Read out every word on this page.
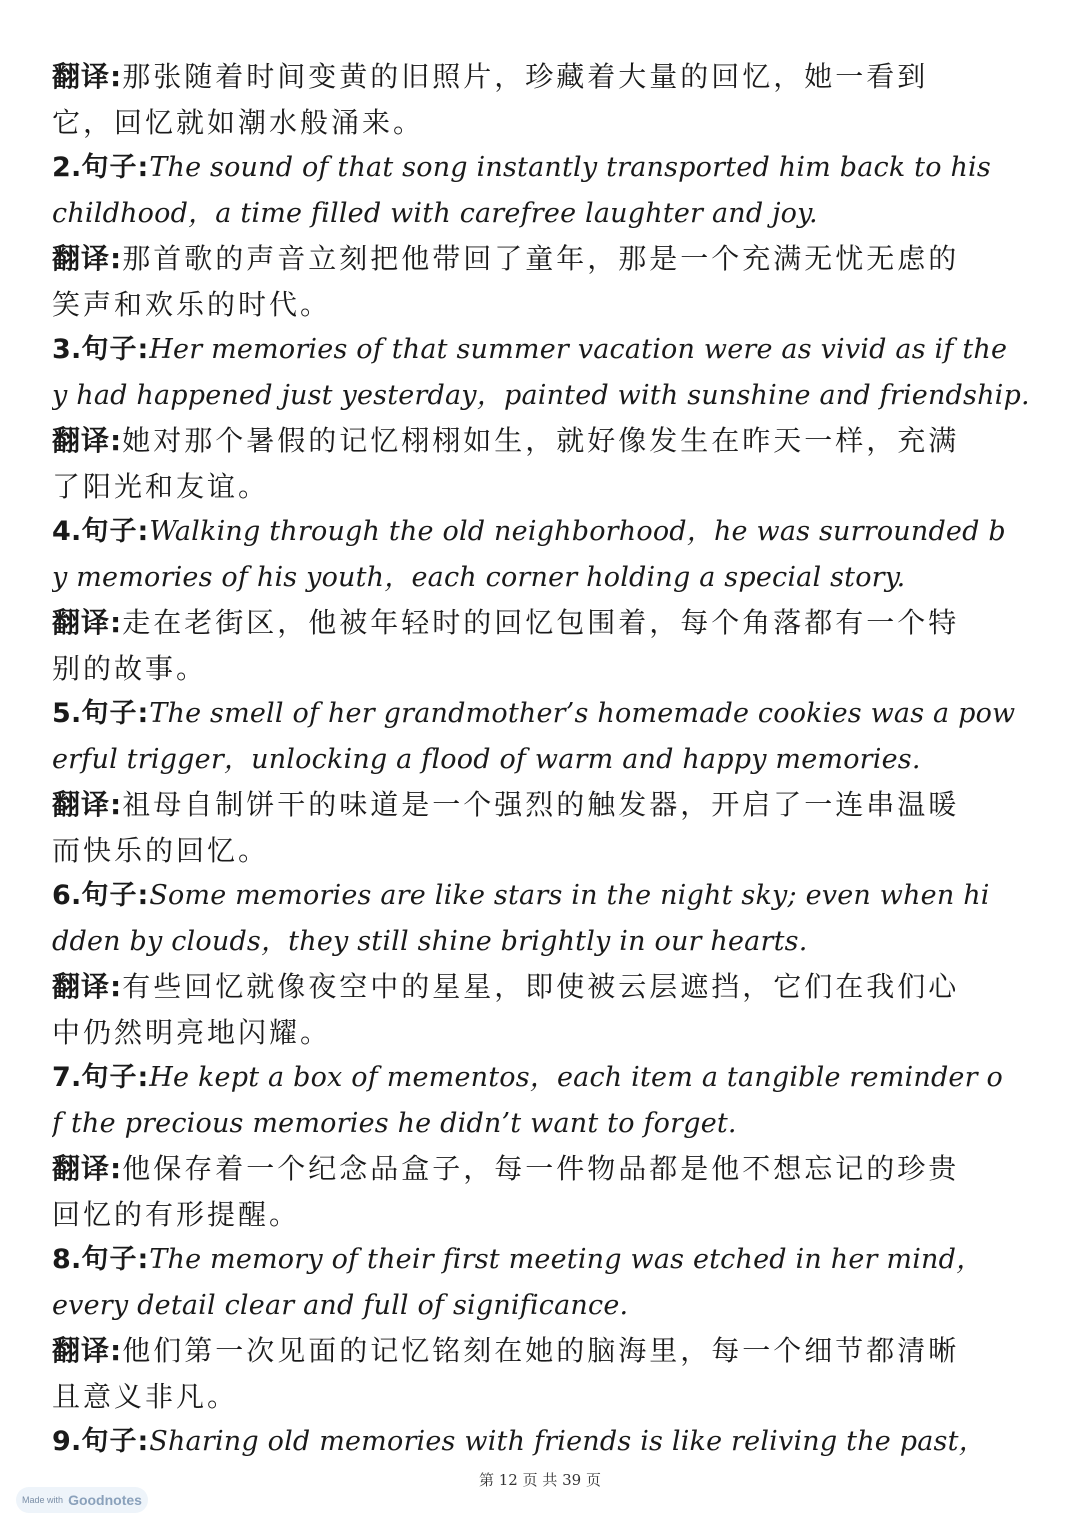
翻译:那张随着时间变黄的旧照片，珍藏着大量的回忆，她一看到
它，回忆就如潮水般涌来。
2.句子:The sound of that song instantly transported him back to his
childhood，a time filled with carefree laughter and joy.
翻译:那首歌的声音立刻把他带回了童年，那是一个充满无忧无虑的
笑声和欢乐的时代。
3.句子:Her memories of that summer vacation were as vivid as if the
y had happened just yesterday，painted with sunshine and friendship.
翻译:她对那个暑假的记忆栩栩如生，就好像发生在昨天一样，充满
了阳光和友谊。
4.句子:Walking through the old neighborhood，he was surrounded b
y memories of his youth，each corner holding a special story.
翻译:走在老街区，他被年轻时的回忆包围着，每个角落都有一个特
别的故事。
5.句子:The smell of her grandmother’s homemade cookies was a pow
erful trigger，unlocking a flood of warm and happy memories.
翻译:祖母自制饼干的味道是一个强烈的触发器，开启了一连串温暖
而快乐的回忆。
6.句子:Some memories are like stars in the night sky; even when hi
dden by clouds，they still shine brightly in our hearts.
翻译:有些回忆就像夜空中的星星，即使被云层遮挡，它们在我们心
中仍然明亮地闪耀。
7.句子:He kept a box of mementos，each item a tangible reminder o
f the precious memories he didn’t want to forget.
翻译:他保存着一个纪念品盒子，每一件物品都是他不想忘记的珍贵
回忆的有形提醒。
8.句子:The memory of their first meeting was etched in her mind，
every detail clear and full of significance.
翻译:他们第一次见面的记忆铭刻在她的脑海里，每一个细节都清晰
且意义非凡。
9.句子:Sharing old memories with friends is like reliving the past，
第 12 页 共 39 页
Made with Goodnotes
